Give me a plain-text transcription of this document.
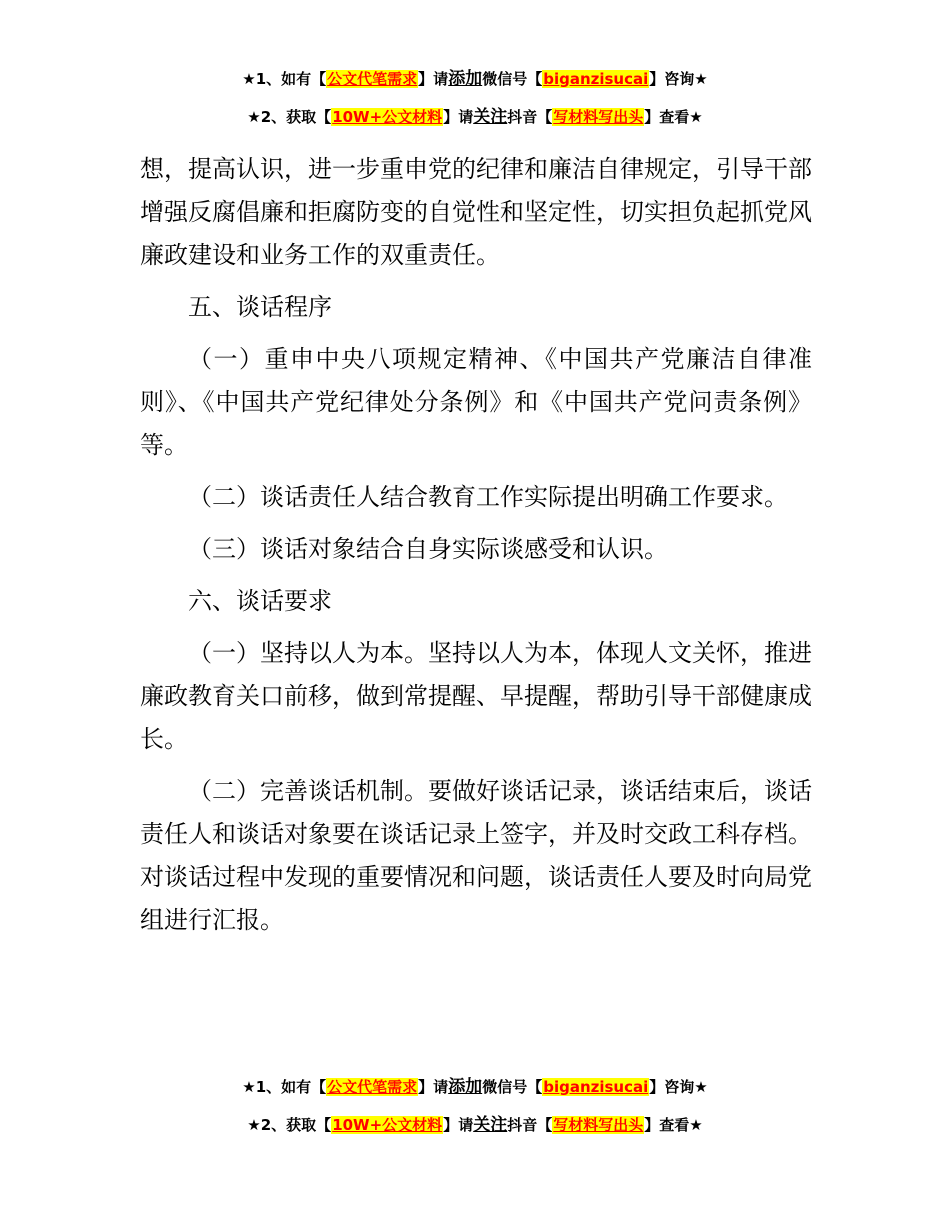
★1、如有【公文代笔需求】请添加微信号【biganzisucai】咨询★
★2、获取【10W+公文材料】请关注抖音【写材料写出头】查看★

想，提高认识，进一步重申党的纪律和廉洁自律规定，引导干部增强反腐倡廉和拒腐防变的自觉性和坚定性，切实担负起抓党风廉政建设和业务工作的双重责任。

五、谈话程序

（一）重申中央八项规定精神、《中国共产党廉洁自律准则》、《中国共产党纪律处分条例》和《中国共产党问责条例》等。

（二）谈话责任人结合教育工作实际提出明确工作要求。

（三）谈话对象结合自身实际谈感受和认识。

六、谈话要求

（一）坚持以人为本。坚持以人为本，体现人文关怀，推进廉政教育关口前移，做到常提醒、早提醒，帮助引导干部健康成长。

（二）完善谈话机制。要做好谈话记录，谈话结束后，谈话责任人和谈话对象要在谈话记录上签字，并及时交政工科存档。对谈话过程中发现的重要情况和问题，谈话责任人要及时向局党组进行汇报。

★1、如有【公文代笔需求】请添加微信号【biganzisucai】咨询★
★2、获取【10W+公文材料】请关注抖音【写材料写出头】查看★
